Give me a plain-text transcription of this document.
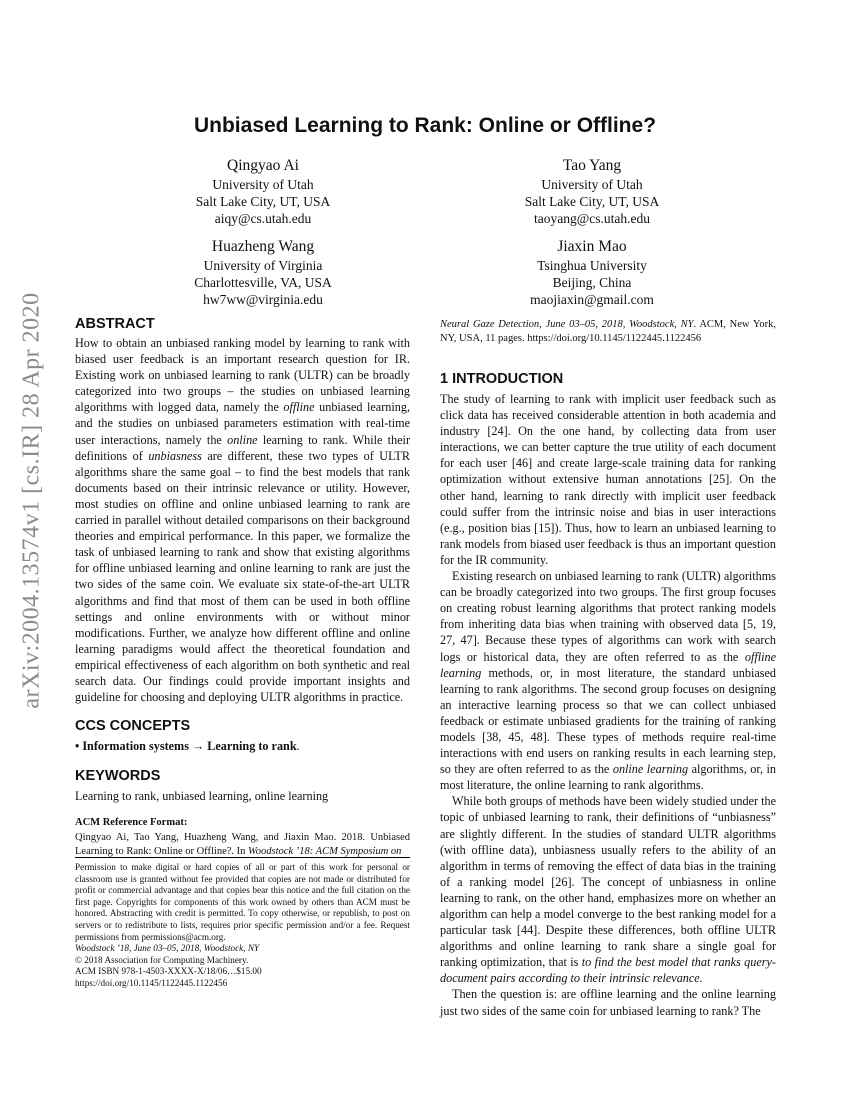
arXiv:2004.13574v1 [cs.IR] 28 Apr 2020
Unbiased Learning to Rank: Online or Offline?
Qingyao Ai
University of Utah
Salt Lake City, UT, USA
aiqy@cs.utah.edu
Tao Yang
University of Utah
Salt Lake City, UT, USA
taoyang@cs.utah.edu
Huazheng Wang
University of Virginia
Charlottesville, VA, USA
hw7ww@virginia.edu
Jiaxin Mao
Tsinghua University
Beijing, China
maojiaxin@gmail.com
ABSTRACT

How to obtain an unbiased ranking model by learning to rank with biased user feedback is an important research question for IR. Existing work on unbiased learning to rank (ULTR) can be broadly categorized into two groups – the studies on unbiased learning algorithms with logged data, namely the offline unbiased learning, and the studies on unbiased parameters estimation with real-time user interactions, namely the online learning to rank. While their definitions of unbiasness are different, these two types of ULTR algorithms share the same goal – to find the best models that rank documents based on their intrinsic relevance or utility. However, most studies on offline and online unbiased learning to rank are carried in parallel without detailed comparisons on their background theories and empirical performance. In this paper, we formalize the task of unbiased learning to rank and show that existing algorithms for offline unbiased learning and online learning to rank are just the two sides of the same coin. We evaluate six state-of-the-art ULTR algorithms and find that most of them can be used in both offline settings and online environments with or without minor modifications. Further, we analyze how different offline and online learning paradigms would affect the theoretical foundation and empirical effectiveness of each algorithm on both synthetic and real search data. Our findings could provide important insights and guideline for choosing and deploying ULTR algorithms in practice.

CCS CONCEPTS

• Information systems → Learning to rank.

KEYWORDS

Learning to rank, unbiased learning, online learning

ACM Reference Format:

Qingyao Ai, Tao Yang, Huazheng Wang, and Jiaxin Mao. 2018. Unbiased Learning to Rank: Online or Offline?. In Woodstock ’18: ACM Symposium on

Permission to make digital or hard copies of all or part of this work for personal or classroom use is granted without fee provided that copies are not made or distributed for profit or commercial advantage and that copies bear this notice and the full citation on the first page. Copyrights for components of this work owned by others than ACM must be honored. Abstracting with credit is permitted. To copy otherwise, or republish, to post on servers or to redistribute to lists, requires prior specific permission and/or a fee. Request permissions from permissions@acm.org.

Woodstock ’18, June 03–05, 2018, Woodstock, NY

© 2018 Association for Computing Machinery.

ACM ISBN 978-1-4503-XXXX-X/18/06…$15.00

https://doi.org/10.1145/1122445.1122456

Neural Gaze Detection, June 03–05, 2018, Woodstock, NY. ACM, New York, NY, USA, 11 pages. https://doi.org/10.1145/1122445.1122456

1 INTRODUCTION

The study of learning to rank with implicit user feedback such as click data has received considerable attention in both academia and industry [24]. On the one hand, by collecting data from user interactions, we can better capture the true utility of each document for each user [46] and create large-scale training data for ranking optimization without extensive human annotations [25]. On the other hand, learning to rank directly with implicit user feedback could suffer from the intrinsic noise and bias in user interactions (e.g., position bias [15]). Thus, how to learn an unbiased learning to rank models from biased user feedback is thus an important question for the IR community.

Existing research on unbiased learning to rank (ULTR) algorithms can be broadly categorized into two groups. The first group focuses on creating robust learning algorithms that protect ranking models from inheriting data bias when training with observed data [5, 19, 27, 47]. Because these types of algorithms can work with search logs or historical data, they are often referred to as the offline learning methods, or, in most literature, the standard unbiased learning to rank algorithms. The second group focuses on designing an interactive learning process so that we can collect unbiased feedback or estimate unbiased gradients for the training of ranking models [38, 45, 48]. These types of methods require real-time interactions with end users on ranking results in each learning step, so they are often referred to as the online learning algorithms, or, in most literature, the online learning to rank algorithms.

While both groups of methods have been widely studied under the topic of unbiased learning to rank, their definitions of “unbiasness” are slightly different. In the studies of standard ULTR algorithms (with offline data), unbiasness usually refers to the ability of an algorithm in terms of removing the effect of data bias in the training of a ranking model [26]. The concept of unbiasness in online learning to rank, on the other hand, emphasizes more on whether an algorithm can help a model converge to the best ranking model for a particular task [44]. Despite these differences, both offline ULTR algorithms and online learning to rank share a single goal for ranking optimization, that is to find the best model that ranks query-document pairs according to their intrinsic relevance.

Then the question is: are offline learning and the online learning just two sides of the same coin for unbiased learning to rank? The
